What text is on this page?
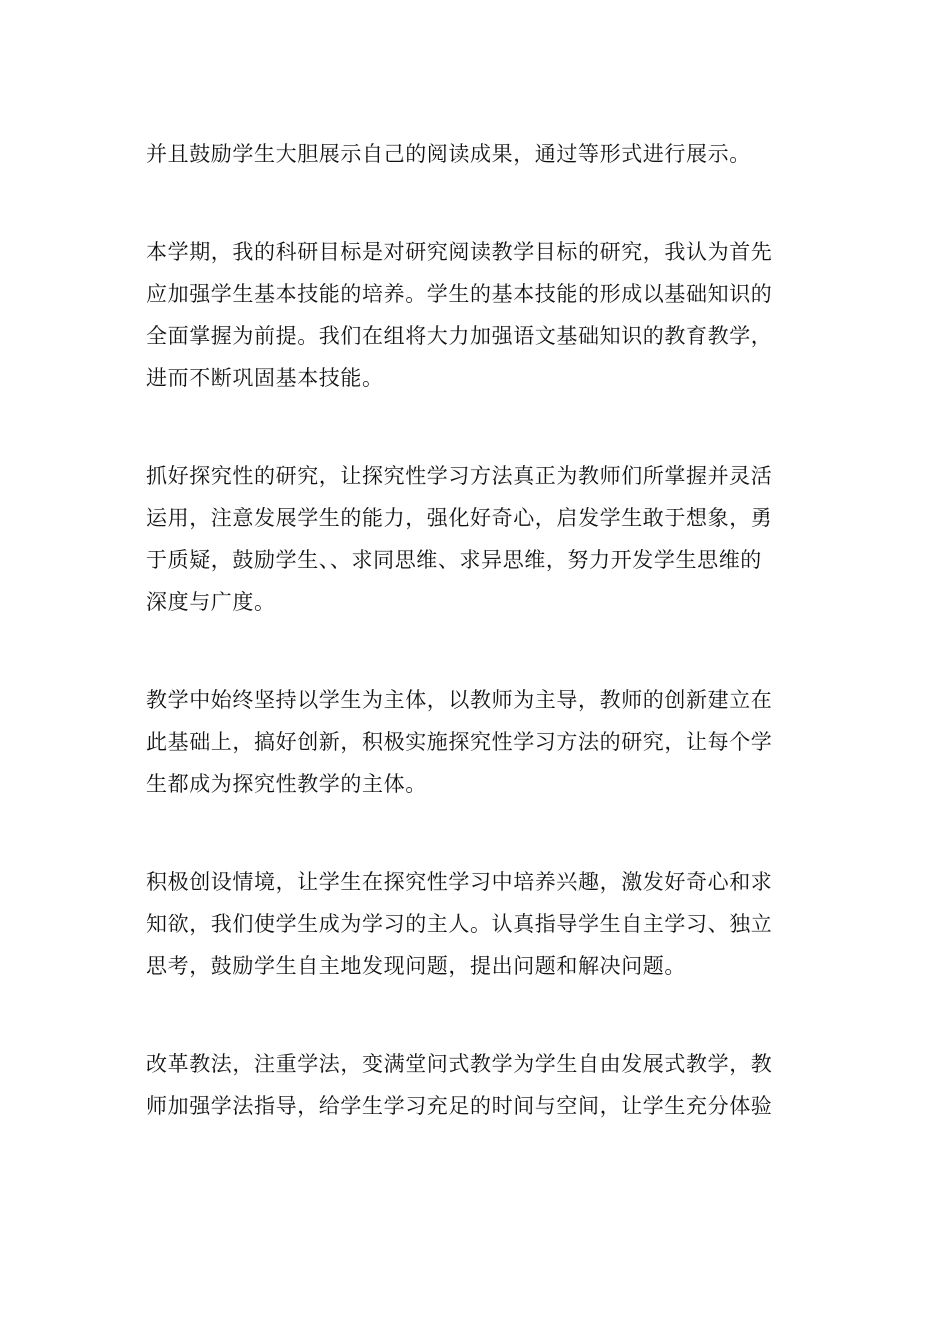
并且鼓励学生大胆展示自己的阅读成果，通过等形式进行展示。

本学期，我的科研目标是对研究阅读教学目标的研究，我认为首先
应加强学生基本技能的培养。学生的基本技能的形成以基础知识的
全面掌握为前提。我们在组将大力加强语文基础知识的教育教学，
进而不断巩固基本技能。

抓好探究性的研究，让探究性学习方法真正为教师们所掌握并灵活
运用，注意发展学生的能力，强化好奇心，启发学生敢于想象，勇
于质疑，鼓励学生、、求同思维、求异思维，努力开发学生思维的
深度与广度。

教学中始终坚持以学生为主体，以教师为主导，教师的创新建立在
此基础上，搞好创新，积极实施探究性学习方法的研究，让每个学
生都成为探究性教学的主体。

积极创设情境，让学生在探究性学习中培养兴趣，激发好奇心和求
知欲，我们使学生成为学习的主人。认真指导学生自主学习、独立
思考，鼓励学生自主地发现问题，提出问题和解决问题。

改革教法，注重学法，变满堂问式教学为学生自由发展式教学，教
师加强学法指导，给学生学习充足的时间与空间，让学生充分体验
